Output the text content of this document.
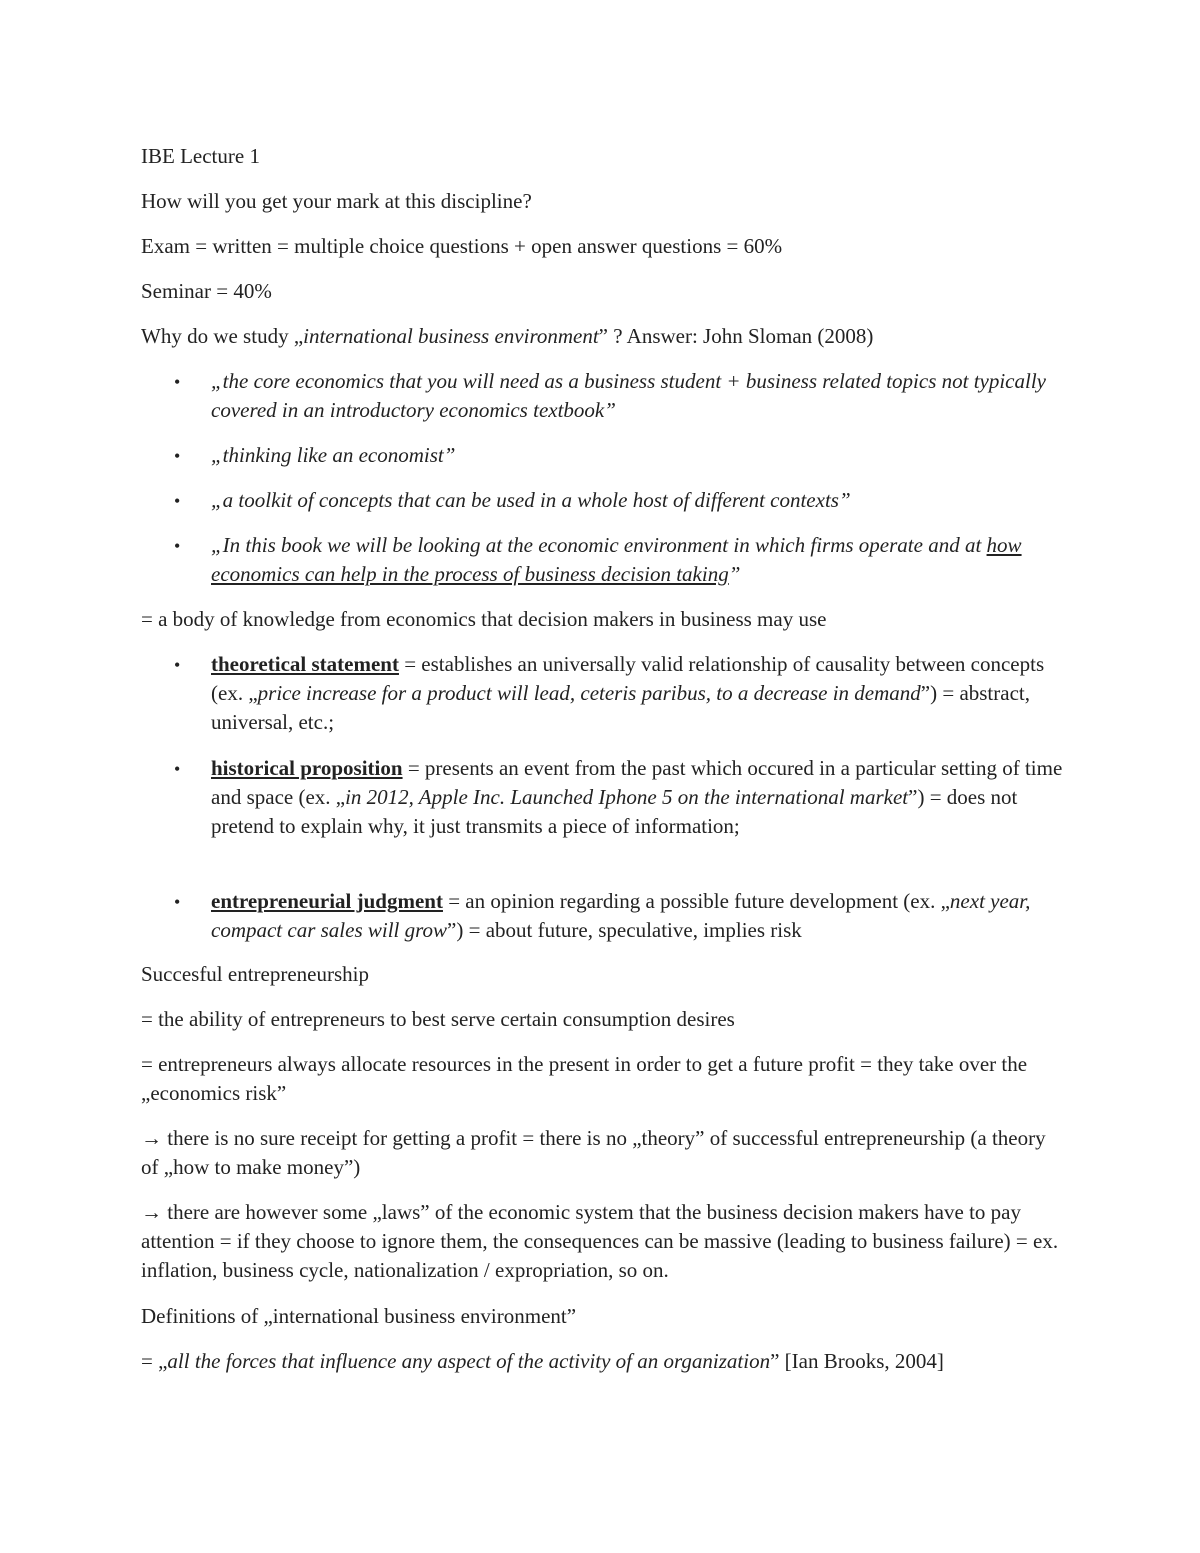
IBE Lecture 1

How will you get your mark at this discipline?

Exam = written = multiple choice questions + open answer questions = 60%

Seminar = 40%

Why do we study „international business environment” ? Answer: John Sloman (2008)

• „the core economics that you will need as a business student + business related topics not typically covered in an introductory economics textbook”

• „thinking like an economist”

• „a toolkit of concepts that can be used in a whole host of different contexts”

• „In this book we will be looking at the economic environment in which firms operate and at how economics can help in the process of business decision taking”

= a body of knowledge from economics that decision makers in business may use

• theoretical statement = establishes an universally valid relationship of causality between concepts (ex. „price increase for a product will lead, ceteris paribus, to a decrease in demand”) = abstract, universal, etc.;

• historical proposition = presents an event from the past which occured in a particular setting of time and space (ex. „in 2012, Apple Inc. Launched Iphone 5 on the international market”) = does not pretend to explain why, it just transmits a piece of information;

• entrepreneurial judgment = an opinion regarding a possible future development (ex. „next year, compact car sales will grow”) = about future, speculative, implies risk

Succesful entrepreneurship

= the ability of entrepreneurs to best serve certain consumption desires

= entrepreneurs always allocate resources in the present in order to get a future profit = they take over the „economics risk”

→ there is no sure receipt for getting a profit = there is no „theory” of successful entrepreneurship (a theory of „how to make money”)

→ there are however some „laws” of the economic system that the business decision makers have to pay attention = if they choose to ignore them, the consequences can be massive (leading to business failure) = ex. inflation, business cycle, nationalization / expropriation, so on.

Definitions of „international business environment”

= „all the forces that influence any aspect of the activity of an organization” [Ian Brooks, 2004]
